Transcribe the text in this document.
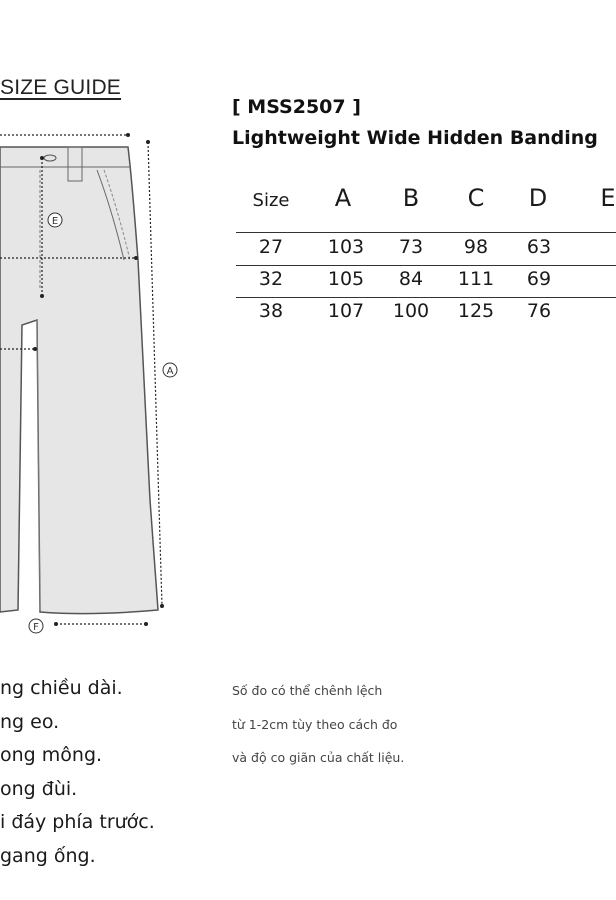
SIZE GUIDE
[ MSS2507 ]
Lightweight Wide Hidden Banding
E
A
F
Size A B C D E
27 103 73 98 63
32 105 84 111 69
38 107 100 125 76
ng chiều dài.
ng eo.
ong mông.
ong đùi.
i đáy phía trước.
gang ống.
Số đo có thể chênh lệch
từ 1-2cm tùy theo cách đo
và độ co giãn của chất liệu.
